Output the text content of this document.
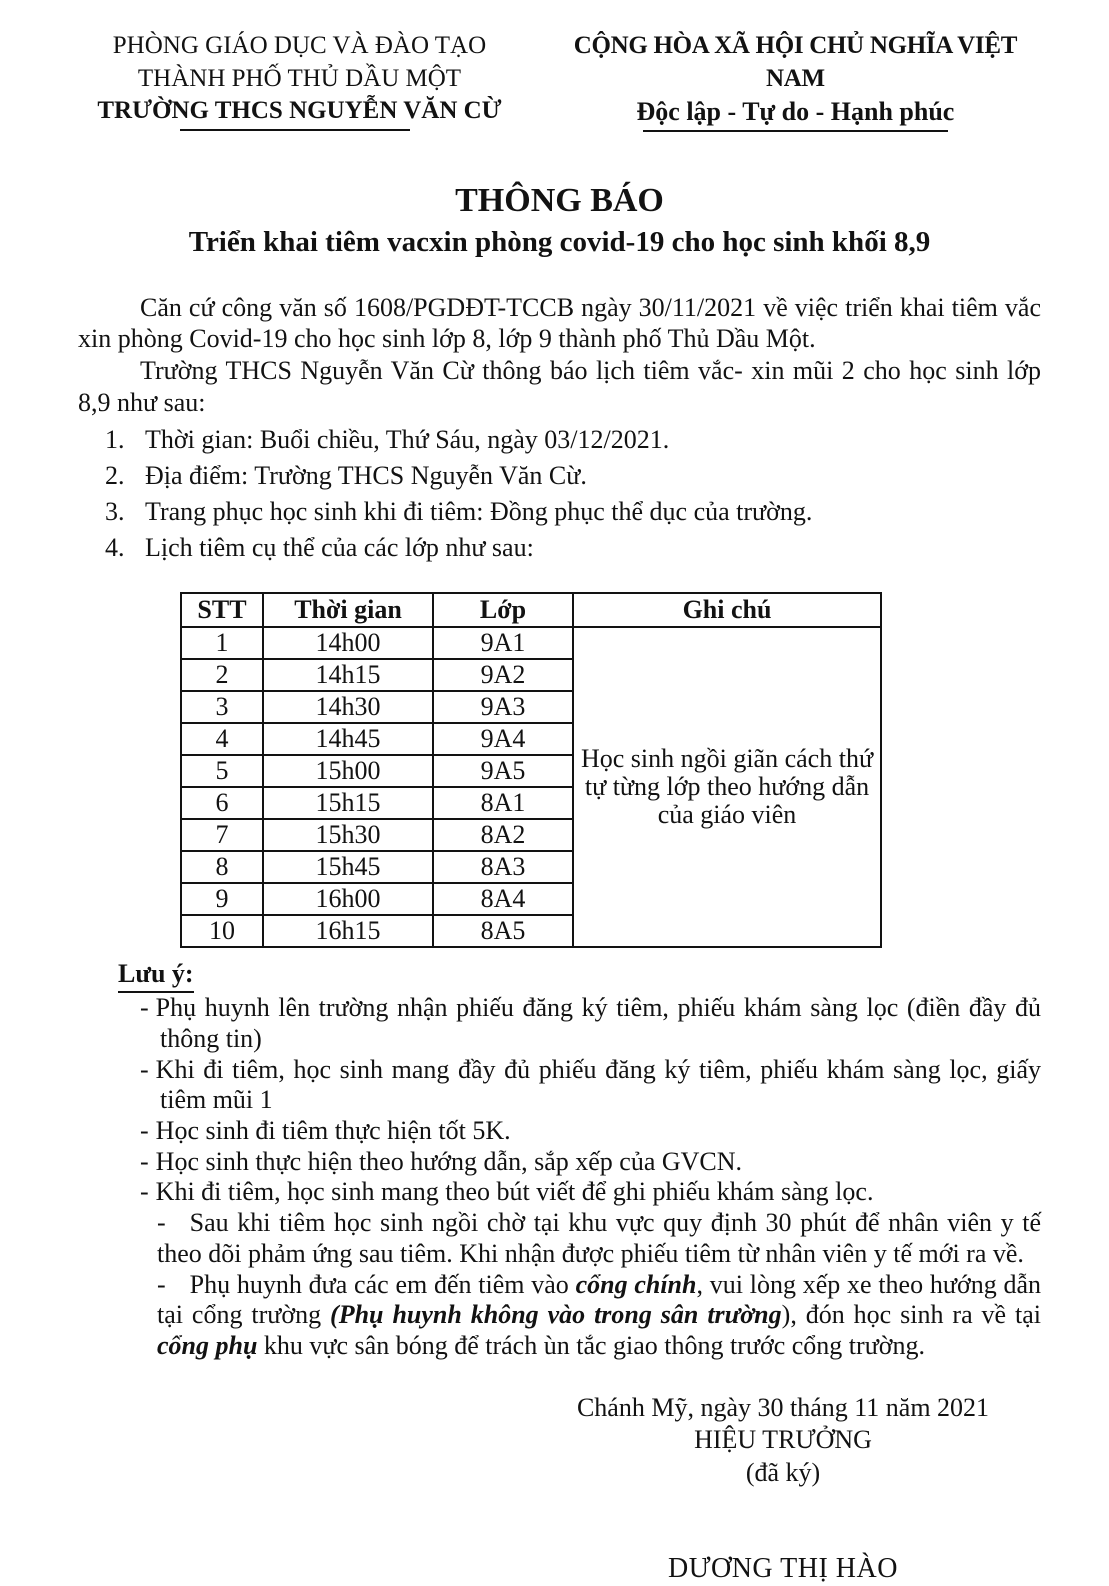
PHÒNG GIÁO DỤC VÀ ĐÀO TẠO
THÀNH PHỐ THỦ DẦU MỘT
TRƯỜNG THCS NGUYỄN VĂN CỪ
CỘNG HÒA XÃ HỘI CHỦ NGHĨA VIỆT NAM
Độc lập - Tự do - Hạnh phúc
THÔNG BÁO
Triển khai tiêm vacxin phòng covid-19 cho học sinh khối 8,9
Căn cứ công văn số 1608/PGDĐT-TCCB ngày 30/11/2021 về việc triển khai tiêm vắc xin phòng Covid-19 cho học sinh lớp 8, lớp 9 thành phố Thủ Dầu Một.
Trường THCS Nguyễn Văn Cừ thông báo lịch tiêm vắc- xin mũi 2 cho học sinh lớp 8,9 như sau:
1. Thời gian: Buổi chiều, Thứ Sáu, ngày 03/12/2021.
2. Địa điểm: Trường THCS Nguyễn Văn Cừ.
3. Trang phục học sinh khi đi tiêm: Đồng phục thể dục của trường.
4. Lịch tiêm cụ thể của các lớp như sau:
STT	Thời gian	Lớp	Ghi chú
1	14h00	9A1	Học sinh ngồi giãn cách thứ tự từng lớp theo hướng dẫn của giáo viên
2	14h15	9A2	
3	14h30	9A3	
4	14h45	9A4	
5	15h00	9A5	
6	15h15	8A1	
7	15h30	8A2	
8	15h45	8A3	
9	16h00	8A4	
10	16h15	8A5	
Lưu ý:
- Phụ huynh lên trường nhận phiếu đăng ký tiêm, phiếu khám sàng lọc (điền đầy đủ thông tin)
- Khi đi tiêm, học sinh mang đầy đủ phiếu đăng ký tiêm, phiếu khám sàng lọc, giấy tiêm mũi 1
- Học sinh đi tiêm thực hiện tốt 5K.
- Học sinh thực hiện theo hướng dẫn, sắp xếp của GVCN.
- Khi đi tiêm, học sinh mang theo bút viết để ghi phiếu khám sàng lọc.
- Sau khi tiêm học sinh ngồi chờ tại khu vực quy định 30 phút để nhân viên y tế theo dõi phảm ứng sau tiêm. Khi nhận được phiếu tiêm từ nhân viên y tế mới ra về.
- Phụ huynh đưa các em đến tiêm vào cổng chính, vui lòng xếp xe theo hướng dẫn tại cổng trường (Phụ huynh không vào trong sân trường), đón học sinh ra về tại cổng phụ khu vực sân bóng để trách ùn tắc giao thông trước cổng trường.
Chánh Mỹ, ngày 30 tháng 11 năm 2021
HIỆU TRƯỞNG
(đã ký)
DƯƠNG THỊ HÀO
